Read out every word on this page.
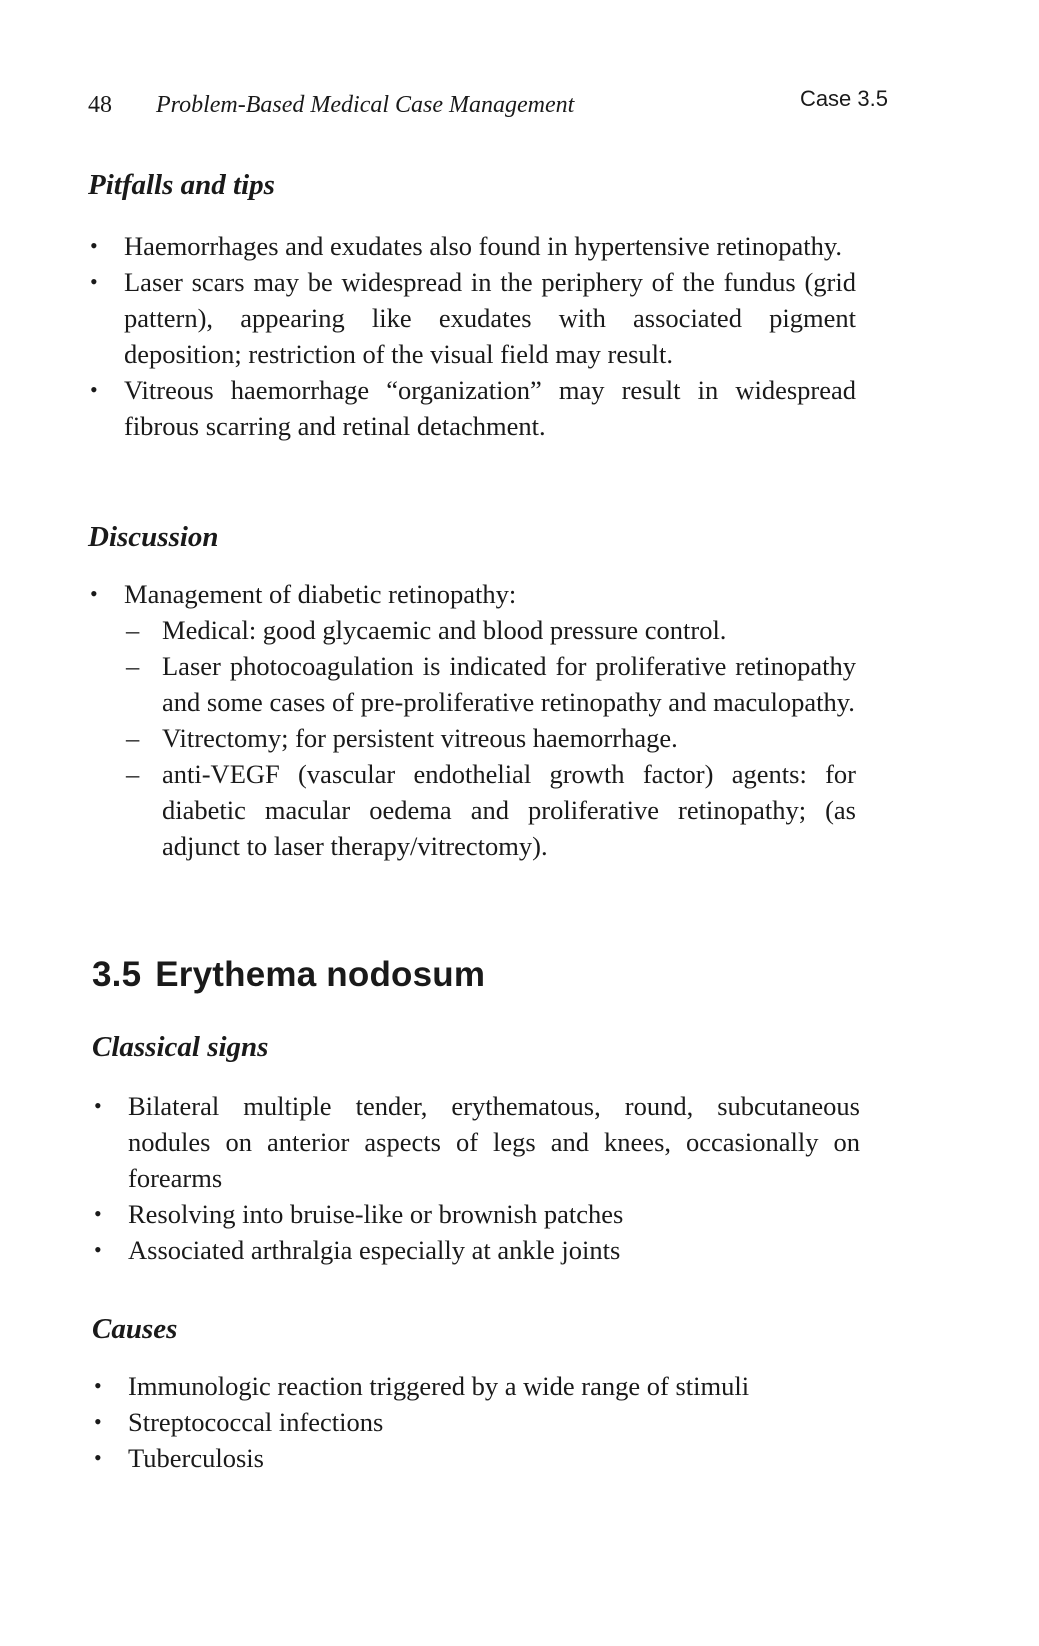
48 Problem-Based Medical Case Management	Case 3.5
Pitfalls and tips
• Haemorrhages and exudates also found in hypertensive retinopathy.
• Laser scars may be widespread in the periphery of the fundus (grid pattern), appearing like exudates with associated pigment deposition; restriction of the visual field may result.
• Vitreous haemorrhage “organization” may result in widespread fibrous scarring and retinal detachment.
Discussion
• Management of diabetic retinopathy:
– Medical: good glycaemic and blood pressure control.
– Laser photocoagulation is indicated for proliferative retinopathy and some cases of pre-proliferative retinopathy and maculopathy.
– Vitrectomy; for persistent vitreous haemorrhage.
– anti-VEGF (vascular endothelial growth factor) agents: for diabetic macular oedema and proliferative retinopathy; (as adjunct to laser therapy/vitrectomy).
3.5 Erythema nodosum
Classical signs
• Bilateral multiple tender, erythematous, round, subcutaneous nodules on anterior aspects of legs and knees, occasionally on forearms
• Resolving into bruise-like or brownish patches
• Associated arthralgia especially at ankle joints
Causes
• Immunologic reaction triggered by a wide range of stimuli
• Streptococcal infections
• Tuberculosis
